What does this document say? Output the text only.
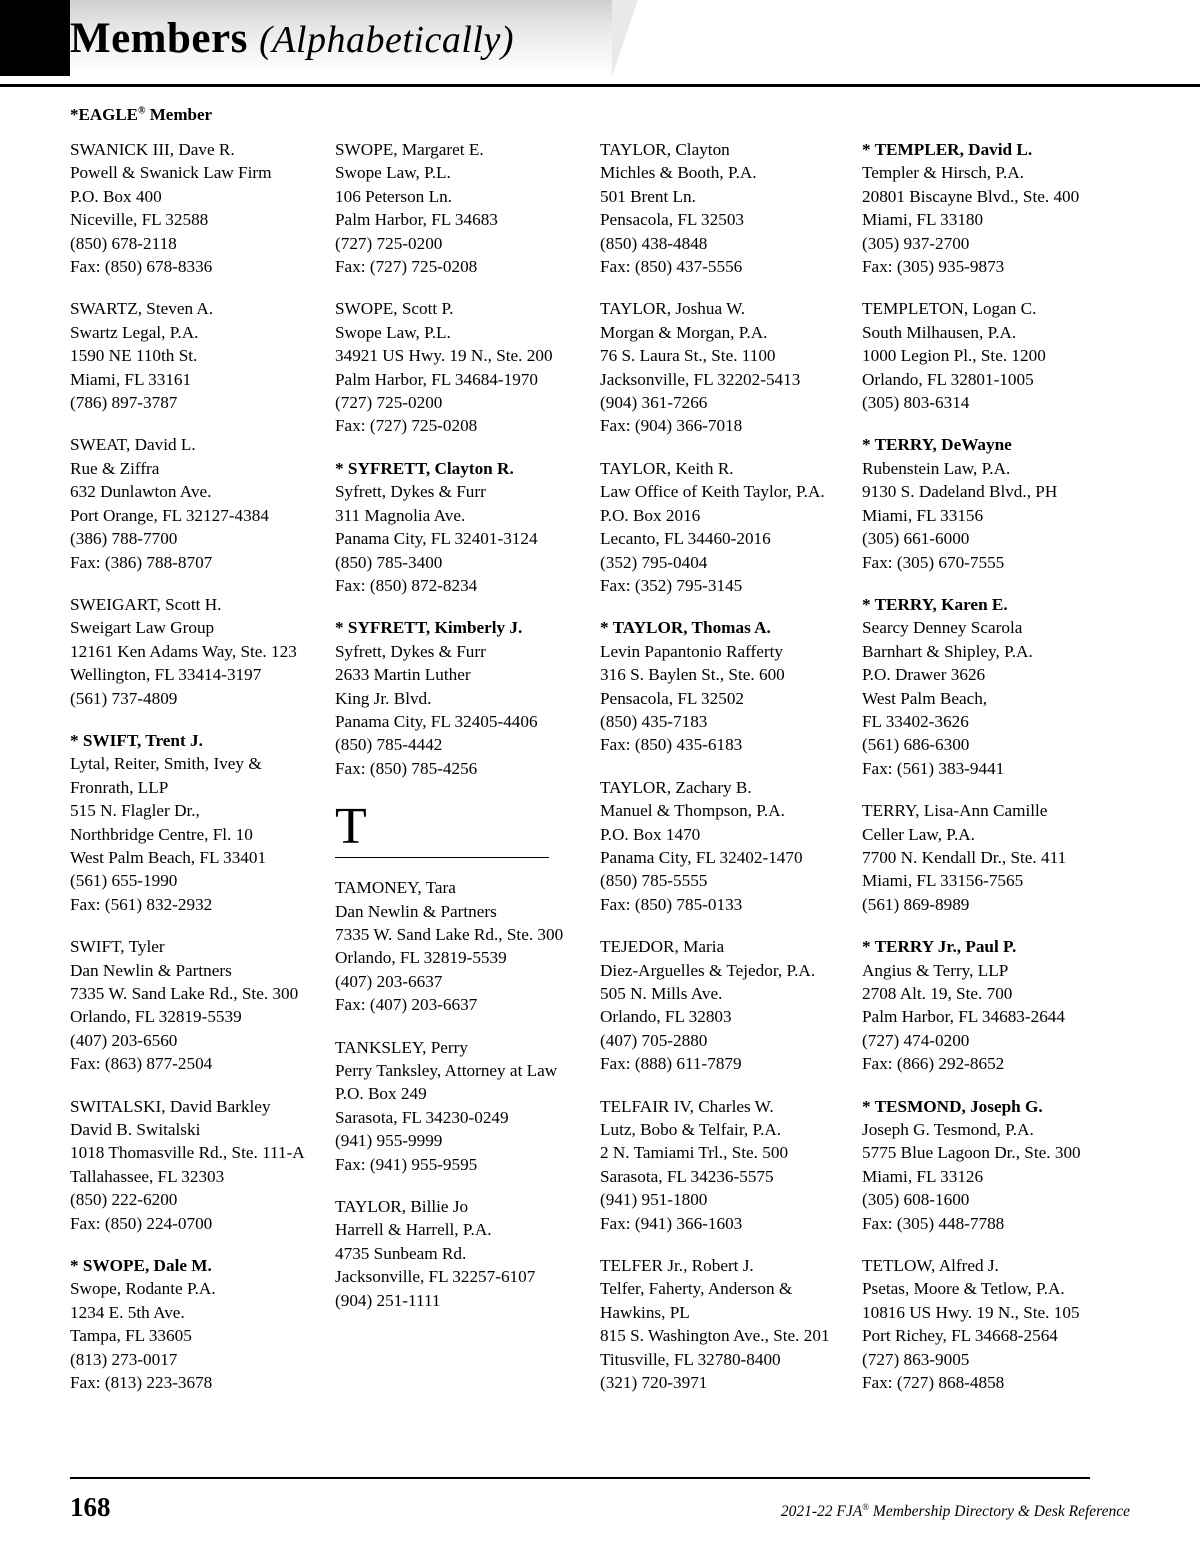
Members (Alphabetically)
*EAGLE® Member
SWANICK III, Dave R.
Powell & Swanick Law Firm
P.O. Box 400
Niceville, FL 32588
(850) 678-2118
Fax: (850) 678-8336
SWARTZ, Steven A.
Swartz Legal, P.A.
1590 NE 110th St.
Miami, FL 33161
(786) 897-3787
SWEAT, David L.
Rue & Ziffra
632 Dunlawton Ave.
Port Orange, FL 32127-4384
(386) 788-7700
Fax: (386) 788-8707
SWEIGART, Scott H.
Sweigart Law Group
12161 Ken Adams Way, Ste. 123
Wellington, FL 33414-3197
(561) 737-4809
* SWIFT, Trent J.
Lytal, Reiter, Smith, Ivey &
Fronrath, LLP
515 N. Flagler Dr.,
Northbridge Centre, Fl. 10
West Palm Beach, FL 33401
(561) 655-1990
Fax: (561) 832-2932
SWIFT, Tyler
Dan Newlin & Partners
7335 W. Sand Lake Rd., Ste. 300
Orlando, FL 32819-5539
(407) 203-6560
Fax: (863) 877-2504
SWITALSKI, David Barkley
David B. Switalski
1018 Thomasville Rd., Ste. 111-A
Tallahassee, FL 32303
(850) 222-6200
Fax: (850) 224-0700
* SWOPE, Dale M.
Swope, Rodante P.A.
1234 E. 5th Ave.
Tampa, FL 33605
(813) 273-0017
Fax: (813) 223-3678
SWOPE, Margaret E.
Swope Law, P.L.
106 Peterson Ln.
Palm Harbor, FL 34683
(727) 725-0200
Fax: (727) 725-0208
SWOPE, Scott P.
Swope Law, P.L.
34921 US Hwy. 19 N., Ste. 200
Palm Harbor, FL 34684-1970
(727) 725-0200
Fax: (727) 725-0208
* SYFRETT, Clayton R.
Syfrett, Dykes & Furr
311 Magnolia Ave.
Panama City, FL 32401-3124
(850) 785-3400
Fax: (850) 872-8234
* SYFRETT, Kimberly J.
Syfrett, Dykes & Furr
2633 Martin Luther
King Jr. Blvd.
Panama City, FL 32405-4406
(850) 785-4442
Fax: (850) 785-4256
T
TAMONEY, Tara
Dan Newlin & Partners
7335 W. Sand Lake Rd., Ste. 300
Orlando, FL 32819-5539
(407) 203-6637
Fax: (407) 203-6637
TANKSLEY, Perry
Perry Tanksley, Attorney at Law
P.O. Box 249
Sarasota, FL 34230-0249
(941) 955-9999
Fax: (941) 955-9595
TAYLOR, Billie Jo
Harrell & Harrell, P.A.
4735 Sunbeam Rd.
Jacksonville, FL 32257-6107
(904) 251-1111
TAYLOR, Clayton
Michles & Booth, P.A.
501 Brent Ln.
Pensacola, FL 32503
(850) 438-4848
Fax: (850) 437-5556
TAYLOR, Joshua W.
Morgan & Morgan, P.A.
76 S. Laura St., Ste. 1100
Jacksonville, FL 32202-5413
(904) 361-7266
Fax: (904) 366-7018
TAYLOR, Keith R.
Law Office of Keith Taylor, P.A.
P.O. Box 2016
Lecanto, FL 34460-2016
(352) 795-0404
Fax: (352) 795-3145
* TAYLOR, Thomas A.
Levin Papantonio Rafferty
316 S. Baylen St., Ste. 600
Pensacola, FL 32502
(850) 435-7183
Fax: (850) 435-6183
TAYLOR, Zachary B.
Manuel & Thompson, P.A.
P.O. Box 1470
Panama City, FL 32402-1470
(850) 785-5555
Fax: (850) 785-0133
TEJEDOR, Maria
Diez-Arguelles & Tejedor, P.A.
505 N. Mills Ave.
Orlando, FL 32803
(407) 705-2880
Fax: (888) 611-7879
TELFAIR IV, Charles W.
Lutz, Bobo & Telfair, P.A.
2 N. Tamiami Trl., Ste. 500
Sarasota, FL 34236-5575
(941) 951-1800
Fax: (941) 366-1603
TELFER Jr., Robert J.
Telfer, Faherty, Anderson &
Hawkins, PL
815 S. Washington Ave., Ste. 201
Titusville, FL 32780-8400
(321) 720-3971
* TEMPLER, David L.
Templer & Hirsch, P.A.
20801 Biscayne Blvd., Ste. 400
Miami, FL 33180
(305) 937-2700
Fax: (305) 935-9873
TEMPLETON, Logan C.
South Milhausen, P.A.
1000 Legion Pl., Ste. 1200
Orlando, FL 32801-1005
(305) 803-6314
* TERRY, DeWayne
Rubenstein Law, P.A.
9130 S. Dadeland Blvd., PH
Miami, FL 33156
(305) 661-6000
Fax: (305) 670-7555
* TERRY, Karen E.
Searcy Denney Scarola
Barnhart & Shipley, P.A.
P.O. Drawer 3626
West Palm Beach,
FL 33402-3626
(561) 686-6300
Fax: (561) 383-9441
TERRY, Lisa-Ann Camille
Celler Law, P.A.
7700 N. Kendall Dr., Ste. 411
Miami, FL 33156-7565
(561) 869-8989
* TERRY Jr., Paul P.
Angius & Terry, LLP
2708 Alt. 19, Ste. 700
Palm Harbor, FL 34683-2644
(727) 474-0200
Fax: (866) 292-8652
* TESMOND, Joseph G.
Joseph G. Tesmond, P.A.
5775 Blue Lagoon Dr., Ste. 300
Miami, FL 33126
(305) 608-1600
Fax: (305) 448-7788
TETLOW, Alfred J.
Psetas, Moore & Tetlow, P.A.
10816 US Hwy. 19 N., Ste. 105
Port Richey, FL 34668-2564
(727) 863-9005
Fax: (727) 868-4858
168	2021-22 FJA® Membership Directory & Desk Reference
